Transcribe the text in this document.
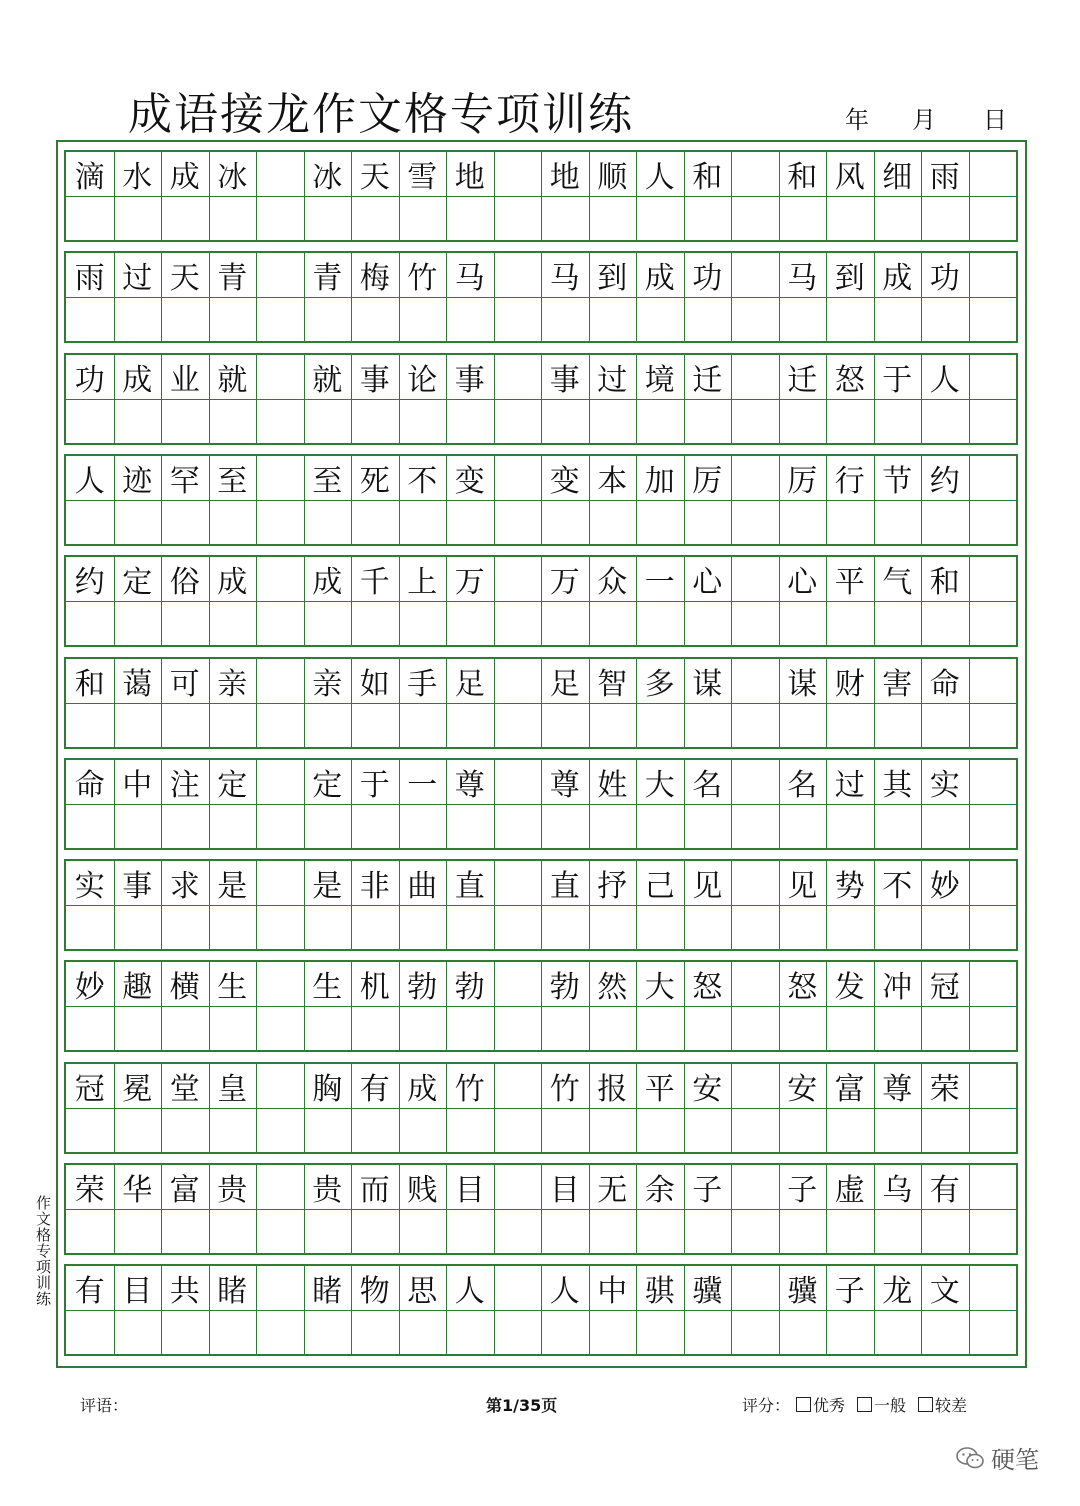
成语接龙作文格专项训练	年 月 日
滴 水 成 冰 冰 天 雪 地 地 顺 人 和 和 风 细 雨
雨 过 天 青 青 梅 竹 马 马 到 成 功 马 到 成 功
功 成 业 就 就 事 论 事 事 过 境 迁 迁 怒 于 人
人 迹 罕 至 至 死 不 变 变 本 加 厉 厉 行 节 约
约 定 俗 成 成 千 上 万 万 众 一 心 心 平 气 和
和 蔼 可 亲 亲 如 手 足 足 智 多 谋 谋 财 害 命
命 中 注 定 定 于 一 尊 尊 姓 大 名 名 过 其 实
实 事 求 是 是 非 曲 直 直 抒 己 见 见 势 不 妙
妙 趣 横 生 生 机 勃 勃 勃 然 大 怒 怒 发 冲 冠
冠 冕 堂 皇 胸 有 成 竹 竹 报 平 安 安 富 尊 荣
荣 华 富 贵 贵 而 贱 目 目 无 余 子 子 虚 乌 有
有 目 共 睹 睹 物 思 人 人 中 骐 骥 骥 子 龙 文
作文格专项训练
评语：	第1/35页	评分： 优秀 一般 较差
硬笔
